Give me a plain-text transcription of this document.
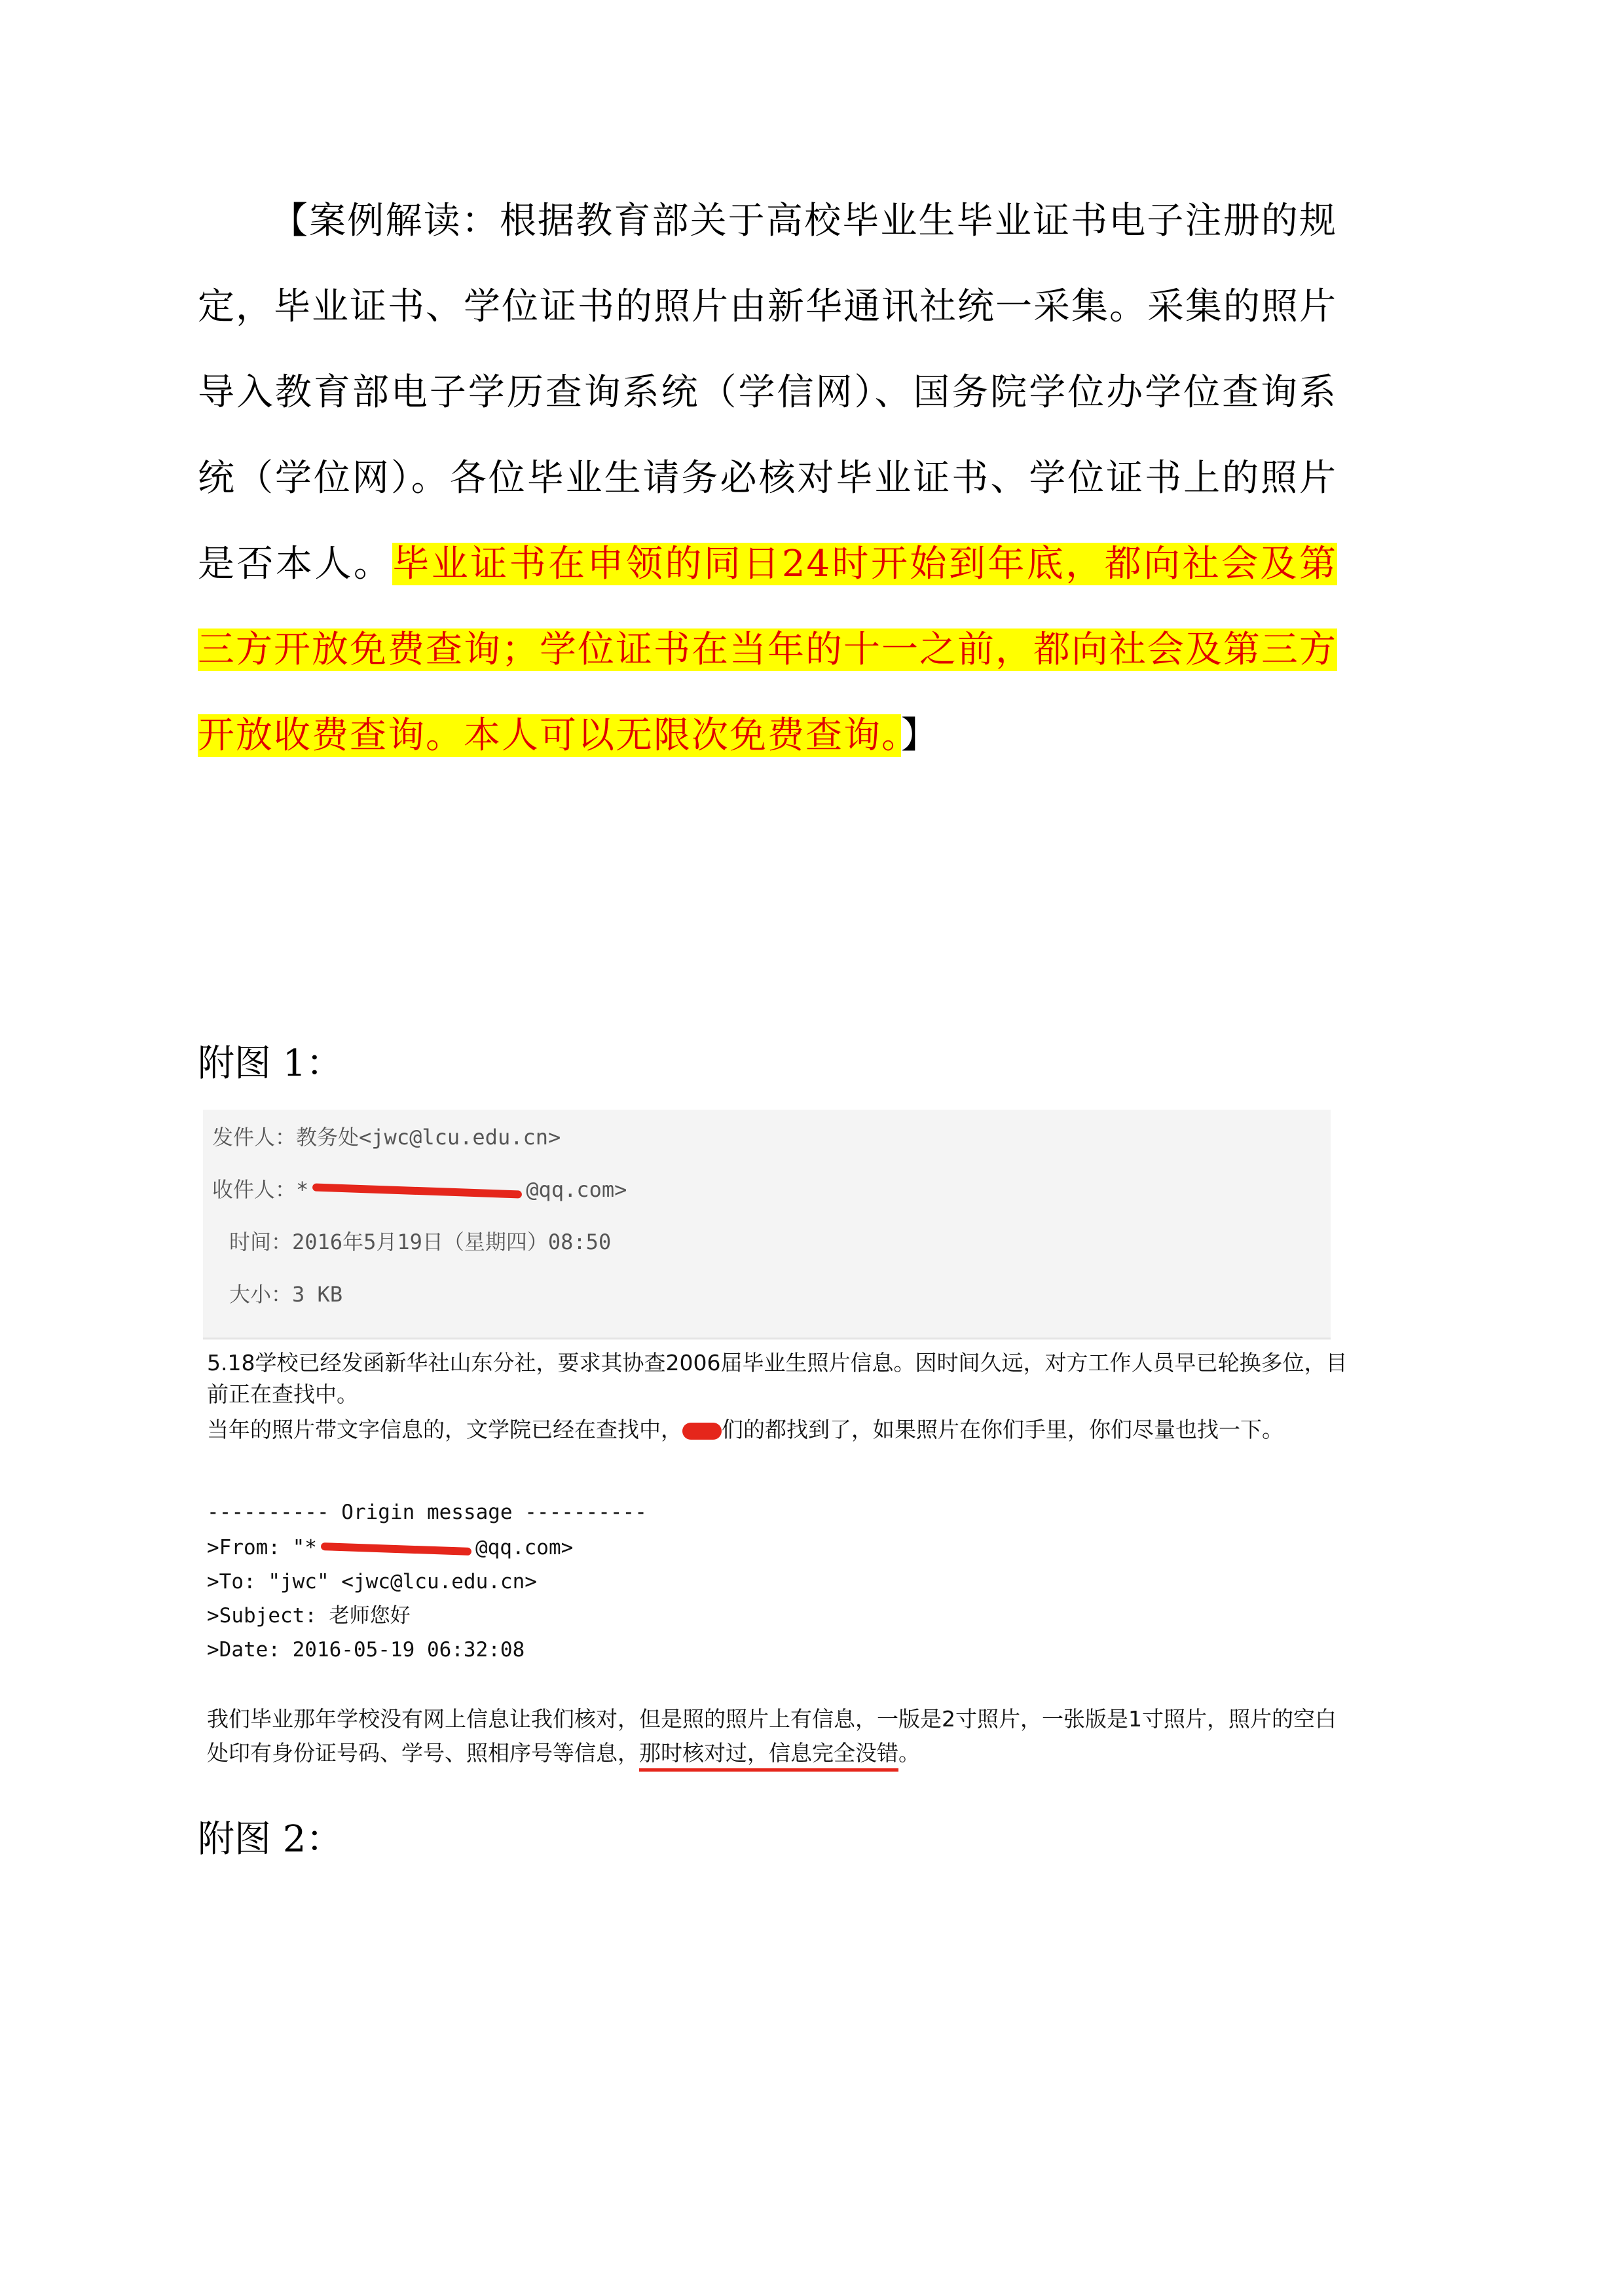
【案例解读：根据教育部关于高校毕业生毕业证书电子注册的规定，毕业证书、学位证书的照片由新华通讯社统一采集。采集的照片导入教育部电子学历查询系统（学信网）、国务院学位办学位查询系统（学位网）。各位毕业生请务必核对毕业证书、学位证书上的照片是否本人。毕业证书在申领的同日24时开始到年底，都向社会及第三方开放免费查询；学位证书在当年的十一之前，都向社会及第三方开放收费查询。本人可以无限次免费查询。】

附图 1：

发件人：教务处<jwc@lcu.edu.cn>
收件人：*	@qq.com>
时间：2016年5月19日（星期四）08:50
大小：3 KB
5.18学校已经发函新华社山东分社，要求其协查2006届毕业生照片信息。因时间久远，对方工作人员早已轮换多位，目
前正在查找中。
当年的照片带文字信息的，文学院已经在查找中， 们的都找到了，如果照片在你们手里，你们尽量也找一下。
---------- Origin message ----------
>From: "*	@qq.com>
>To: "jwc" <jwc@lcu.edu.cn>
>Subject: 老师您好
>Date: 2016-05-19 06:32:08
我们毕业那年学校没有网上信息让我们核对，但是照的照片上有信息，一版是2寸照片，一张版是1寸照片，照片的空白
处印有身份证号码、学号、照相序号等信息，那时核对过，信息完全没错。

附图 2：
